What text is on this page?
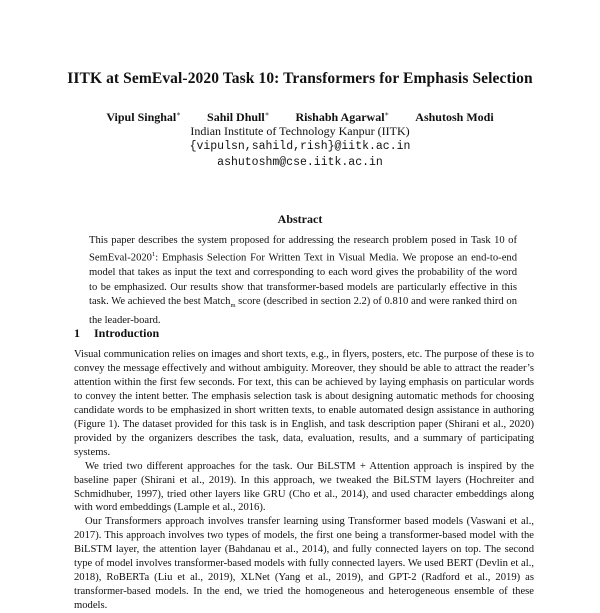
IITK at SemEval-2020 Task 10: Transformers for Emphasis Selection
Vipul Singhal∗ Sahil Dhull∗ Rishabh Agarwal∗ Ashutosh Modi
Indian Institute of Technology Kanpur (IITK)
{vipulsn,sahild,rish}@iitk.ac.in
ashutoshm@cse.iitk.ac.in
Abstract
This paper describes the system proposed for addressing the research problem posed in Task 10 of SemEval-2020$^1$: Emphasis Selection For Written Text in Visual Media. We propose an end-to-end model that takes as input the text and corresponding to each word gives the probability of the word to be emphasized. Our results show that transformer-based models are particularly effective in this task. We achieved the best Match$_m$ score (described in section 2.2) of 0.810 and were ranked third on the leader-board.
1 Introduction

Visual communication relies on images and short texts, e.g., in flyers, posters, etc. The purpose of these is to convey the message effectively and without ambiguity. Moreover, they should be able to attract the reader’s attention within the first few seconds. For text, this can be achieved by laying emphasis on particular words to convey the intent better. The emphasis selection task is about designing automatic methods for choosing candidate words to be emphasized in short written texts, to enable automated design assistance in authoring (Figure 1). The dataset provided for this task is in English, and task description paper (Shirani et al., 2020) provided by the organizers describes the task, data, evaluation, results, and a summary of participating systems.

We tried two different approaches for the task. Our BiLSTM + Attention approach is inspired by the baseline paper (Shirani et al., 2019). In this approach, we tweaked the BiLSTM layers (Hochreiter and Schmidhuber, 1997), tried other layers like GRU (Cho et al., 2014), and used character embeddings along with word embeddings (Lample et al., 2016).

Our Transformers approach involves transfer learning using Transformer based models (Vaswani et al., 2017). This approach involves two types of models, the first one being a transformer-based model with the BiLSTM layer, the attention layer (Bahdanau et al., 2014), and fully connected layers on top. The second type of model involves transformer-based models with fully connected layers. We used BERT (Devlin et al., 2018), RoBERTa (Liu et al., 2019), XLNet (Yang et al., 2019), and GPT-2 (Radford et al., 2019) as transformer-based models. In the end, we tried the homogeneous and heterogeneous ensemble of these models.
